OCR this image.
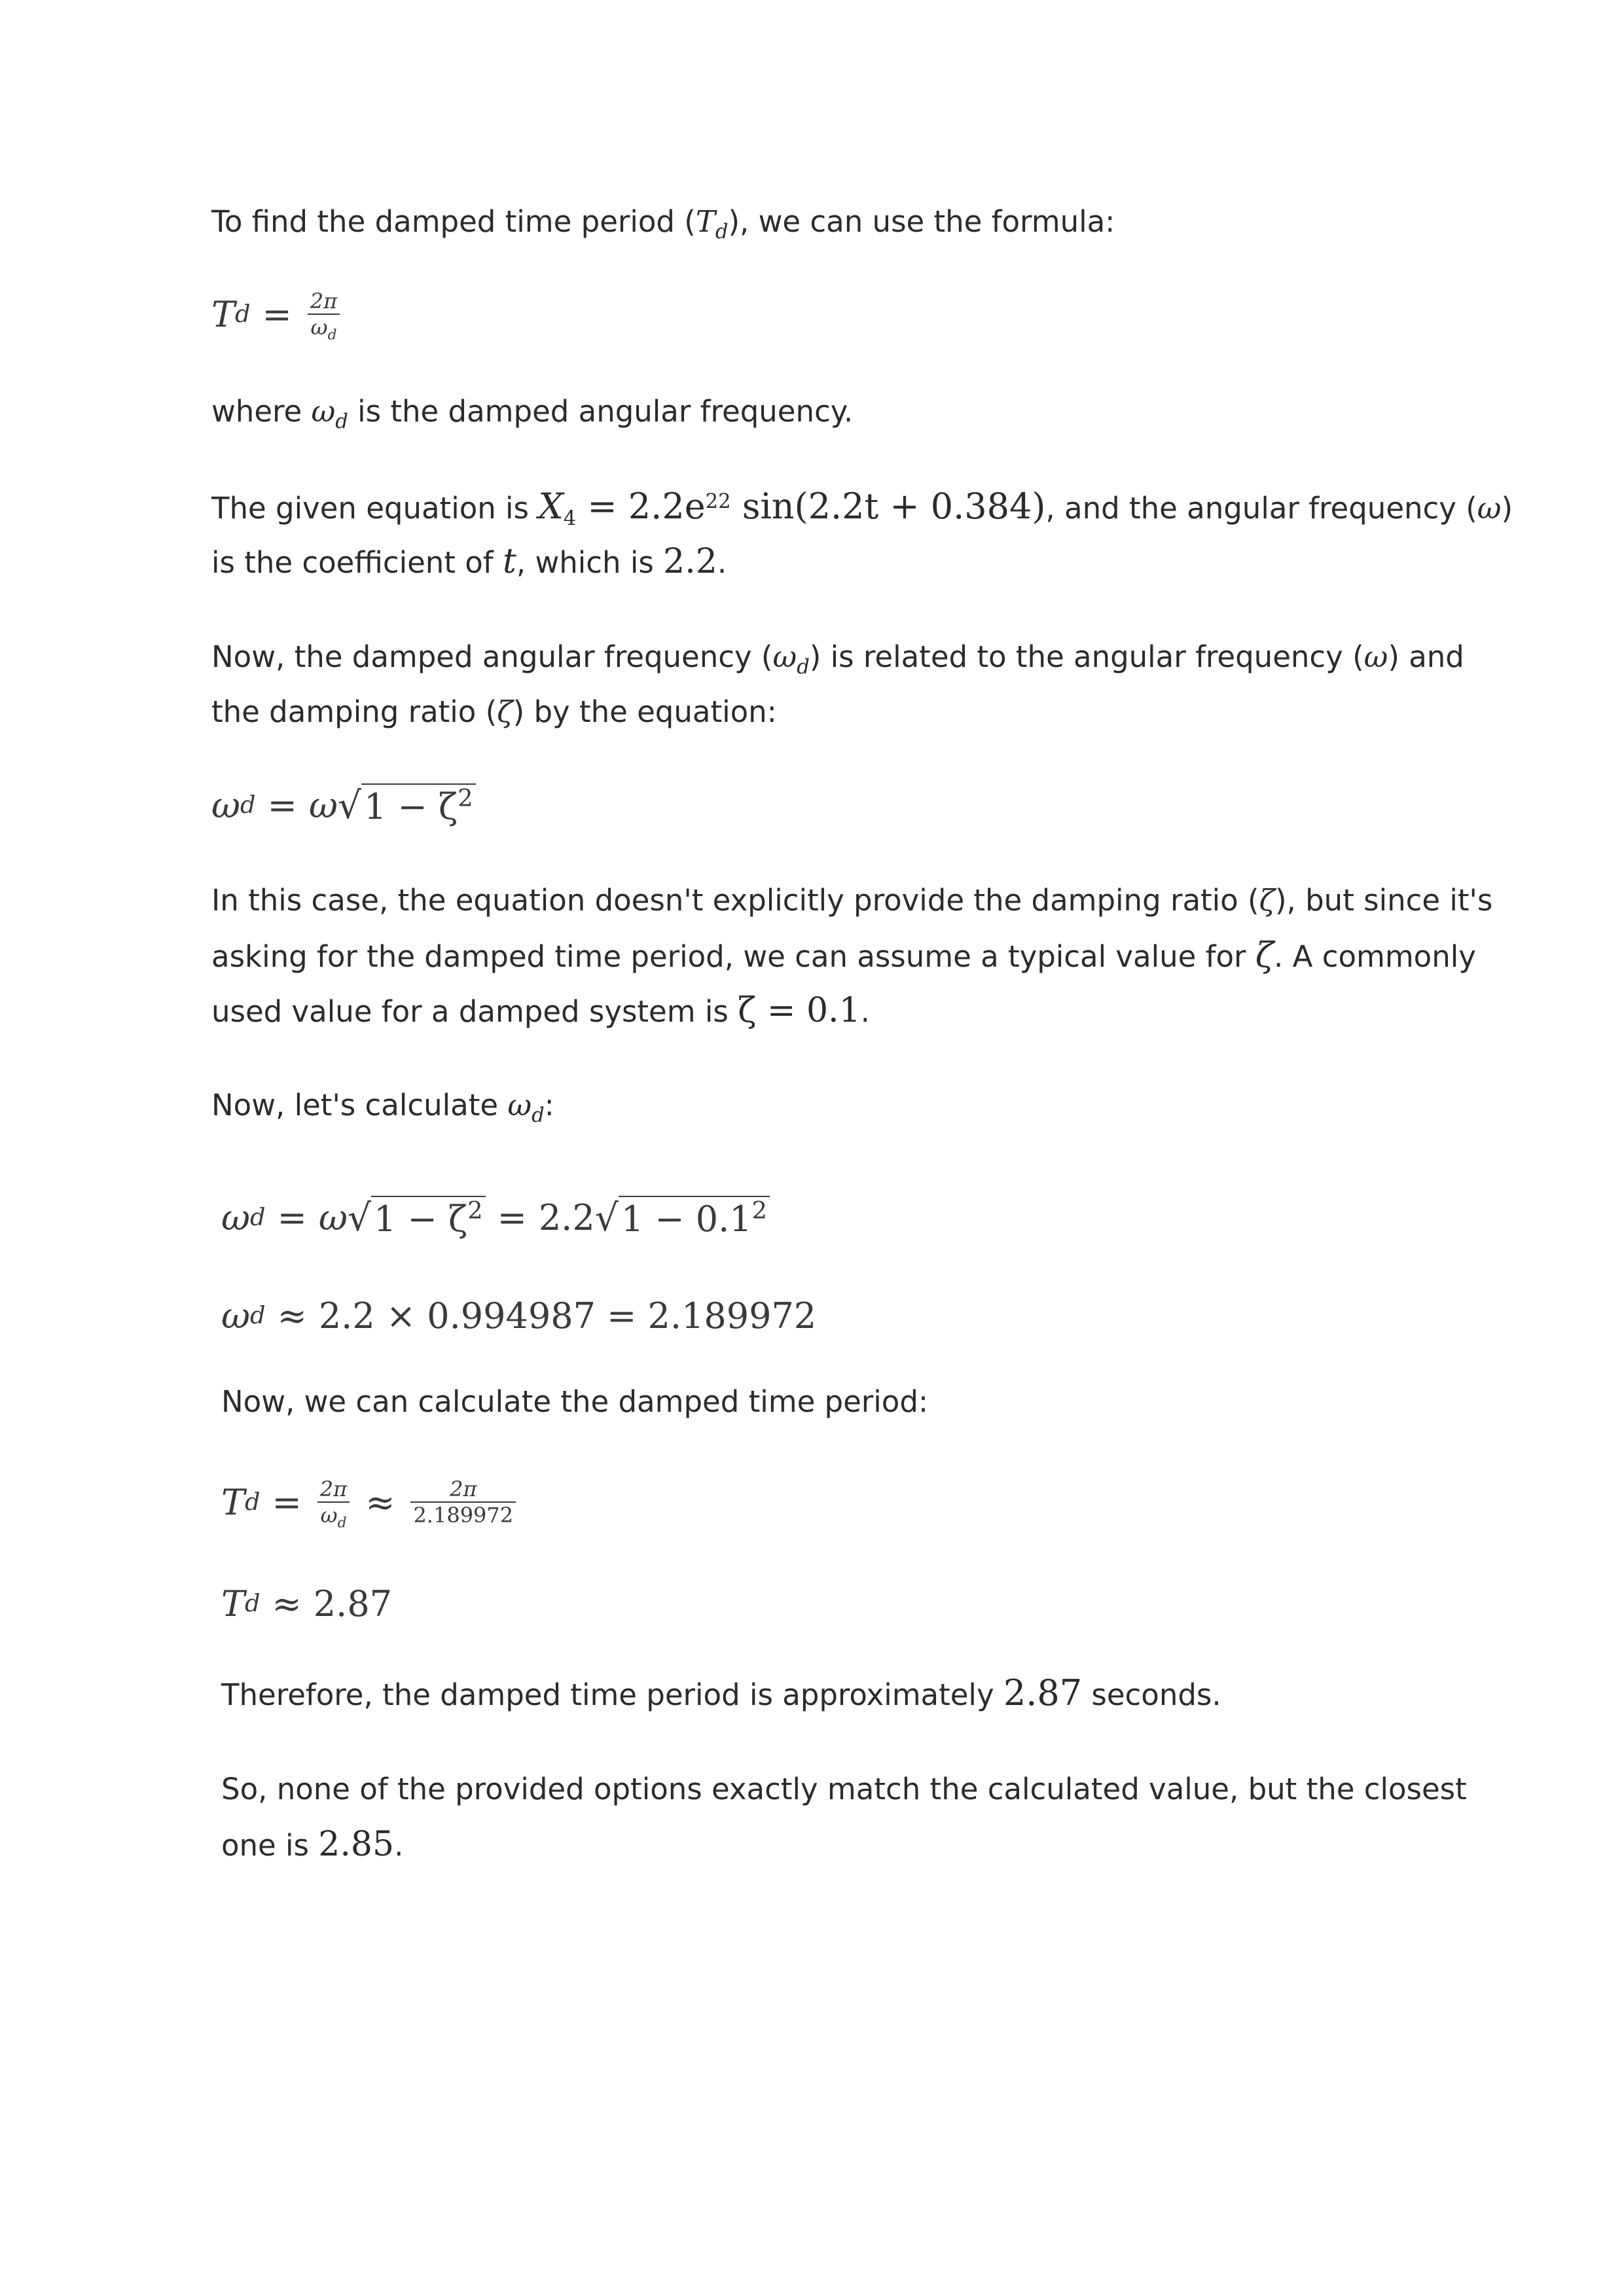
To find the damped time period $(T_d)$, we can use the formula:
T $d = \frac{2\pi}{\omega_d}$
where $\omega_d$ is the damped angular frequency.
The given equation is $X_4 = 2.2e^{22}$ sin(2.2t + 0.384), and the angular frequency (ω)
is the coefficient of t, which is 2.2.
Now, the damped angular frequency $(\omega_d)$ is related to the angular frequency (ω) and
the damping ratio (ζ) by the equation:
ω d = ω √ $1 - \zeta^2$
In this case, the equation doesn't explicitly provide the damping ratio (ζ), but since it's
asking for the damped time period, we can assume a typical value for ζ. A commonly
used value for a damped system is ζ = 0.1.
Now, let's calculate $\omega_d$:
ω d = ω √ $1 - \zeta^2 = 2.2$ √ $1 - 0.1^2$
ω d ≈ 2.2 × 0.994987 = 2.189972
Now, we can calculate the damped time period:
T $d = \frac{2\pi}{\omega_d} \approx \frac{2\pi}{2.189972}$
T d ≈ 2.87
Therefore, the damped time period is approximately 2.87 seconds.
So, none of the provided options exactly match the calculated value, but the closest
one is 2.85.
